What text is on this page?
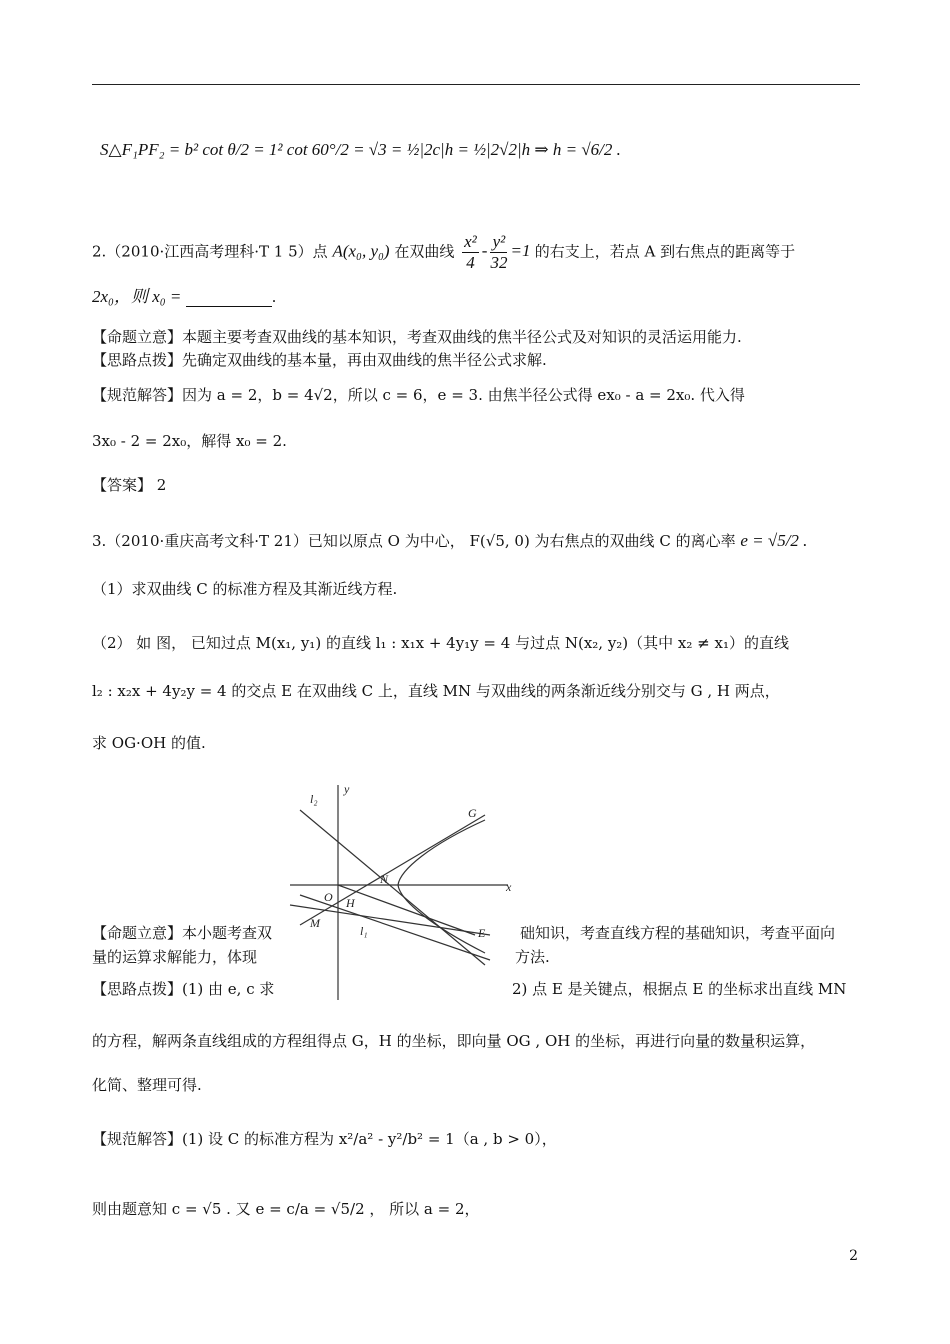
S△F₁PF₂ = b² cot θ/2 = 1² cot 60°/2 = √3 = ½|2c|h = ½|2√2|h ⇒ h = √6/2 .
2.（2010·江西高考理科·T 1 5）点 A(x₀, y₀) 在双曲线 $\frac{\text{x²}}{4} - \frac{\text{y²}}{32} =1$ 的右支上，若点 A 到右焦点的距离等于
2x₀，则 x₀ =	.
【命题立意】本题主要考查双曲线的基本知识，考查双曲线的焦半径公式及对知识的灵活运用能力.
【思路点拨】先确定双曲线的基本量，再由双曲线的焦半径公式求解.
【规范解答】因为 a = 2，b = 4√2，所以 c = 6，e = 3. 由焦半径公式得 ex₀ - a = 2x₀. 代入得
3x₀ - 2 = 2x₀，解得 x₀ = 2.
【答案】 2
3.（2010·重庆高考文科·T 21）已知以原点 O 为中心， F(√5, 0) 为右焦点的双曲线 C 的离心率 e = √5/2 .
（1）求双曲线 C 的标准方程及其渐近线方程.
（2） 如 图， 已知过点 M(x₁, y₁) 的直线 l₁ : x₁x + 4y₁y = 4 与过点 N(x₂, y₂)（其中 x₂ ≠ x₁）的直线
l₂ : x₂x + 4y₂y = 4 的交点 E 在双曲线 C 上，直线 MN 与双曲线的两条渐近线分别交与 G , H 两点，
求 OG·OH 的值.
l₂
y
G
N
O H
M
l₁	E
x
【命题立意】本小题考查双	础知识，考查直线方程的基础知识，考查平面向
量的运算求解能力，体现	方法.
【思路点拨】(1) 由 e, c 求	2) 点 E 是关键点，根据点 E 的坐标求出直线 MN
的方程，解两条直线组成的方程组得点 G，H 的坐标，即向量 OG , OH 的坐标，再进行向量的数量积运算，
化简、整理可得.
【规范解答】(1) 设 C 的标准方程为 x²/a² - y²/b² = 1（a , b > 0），
则由题意知 c = √5 . 又 e = c/a = √5/2 ， 所以 a = 2，
2
